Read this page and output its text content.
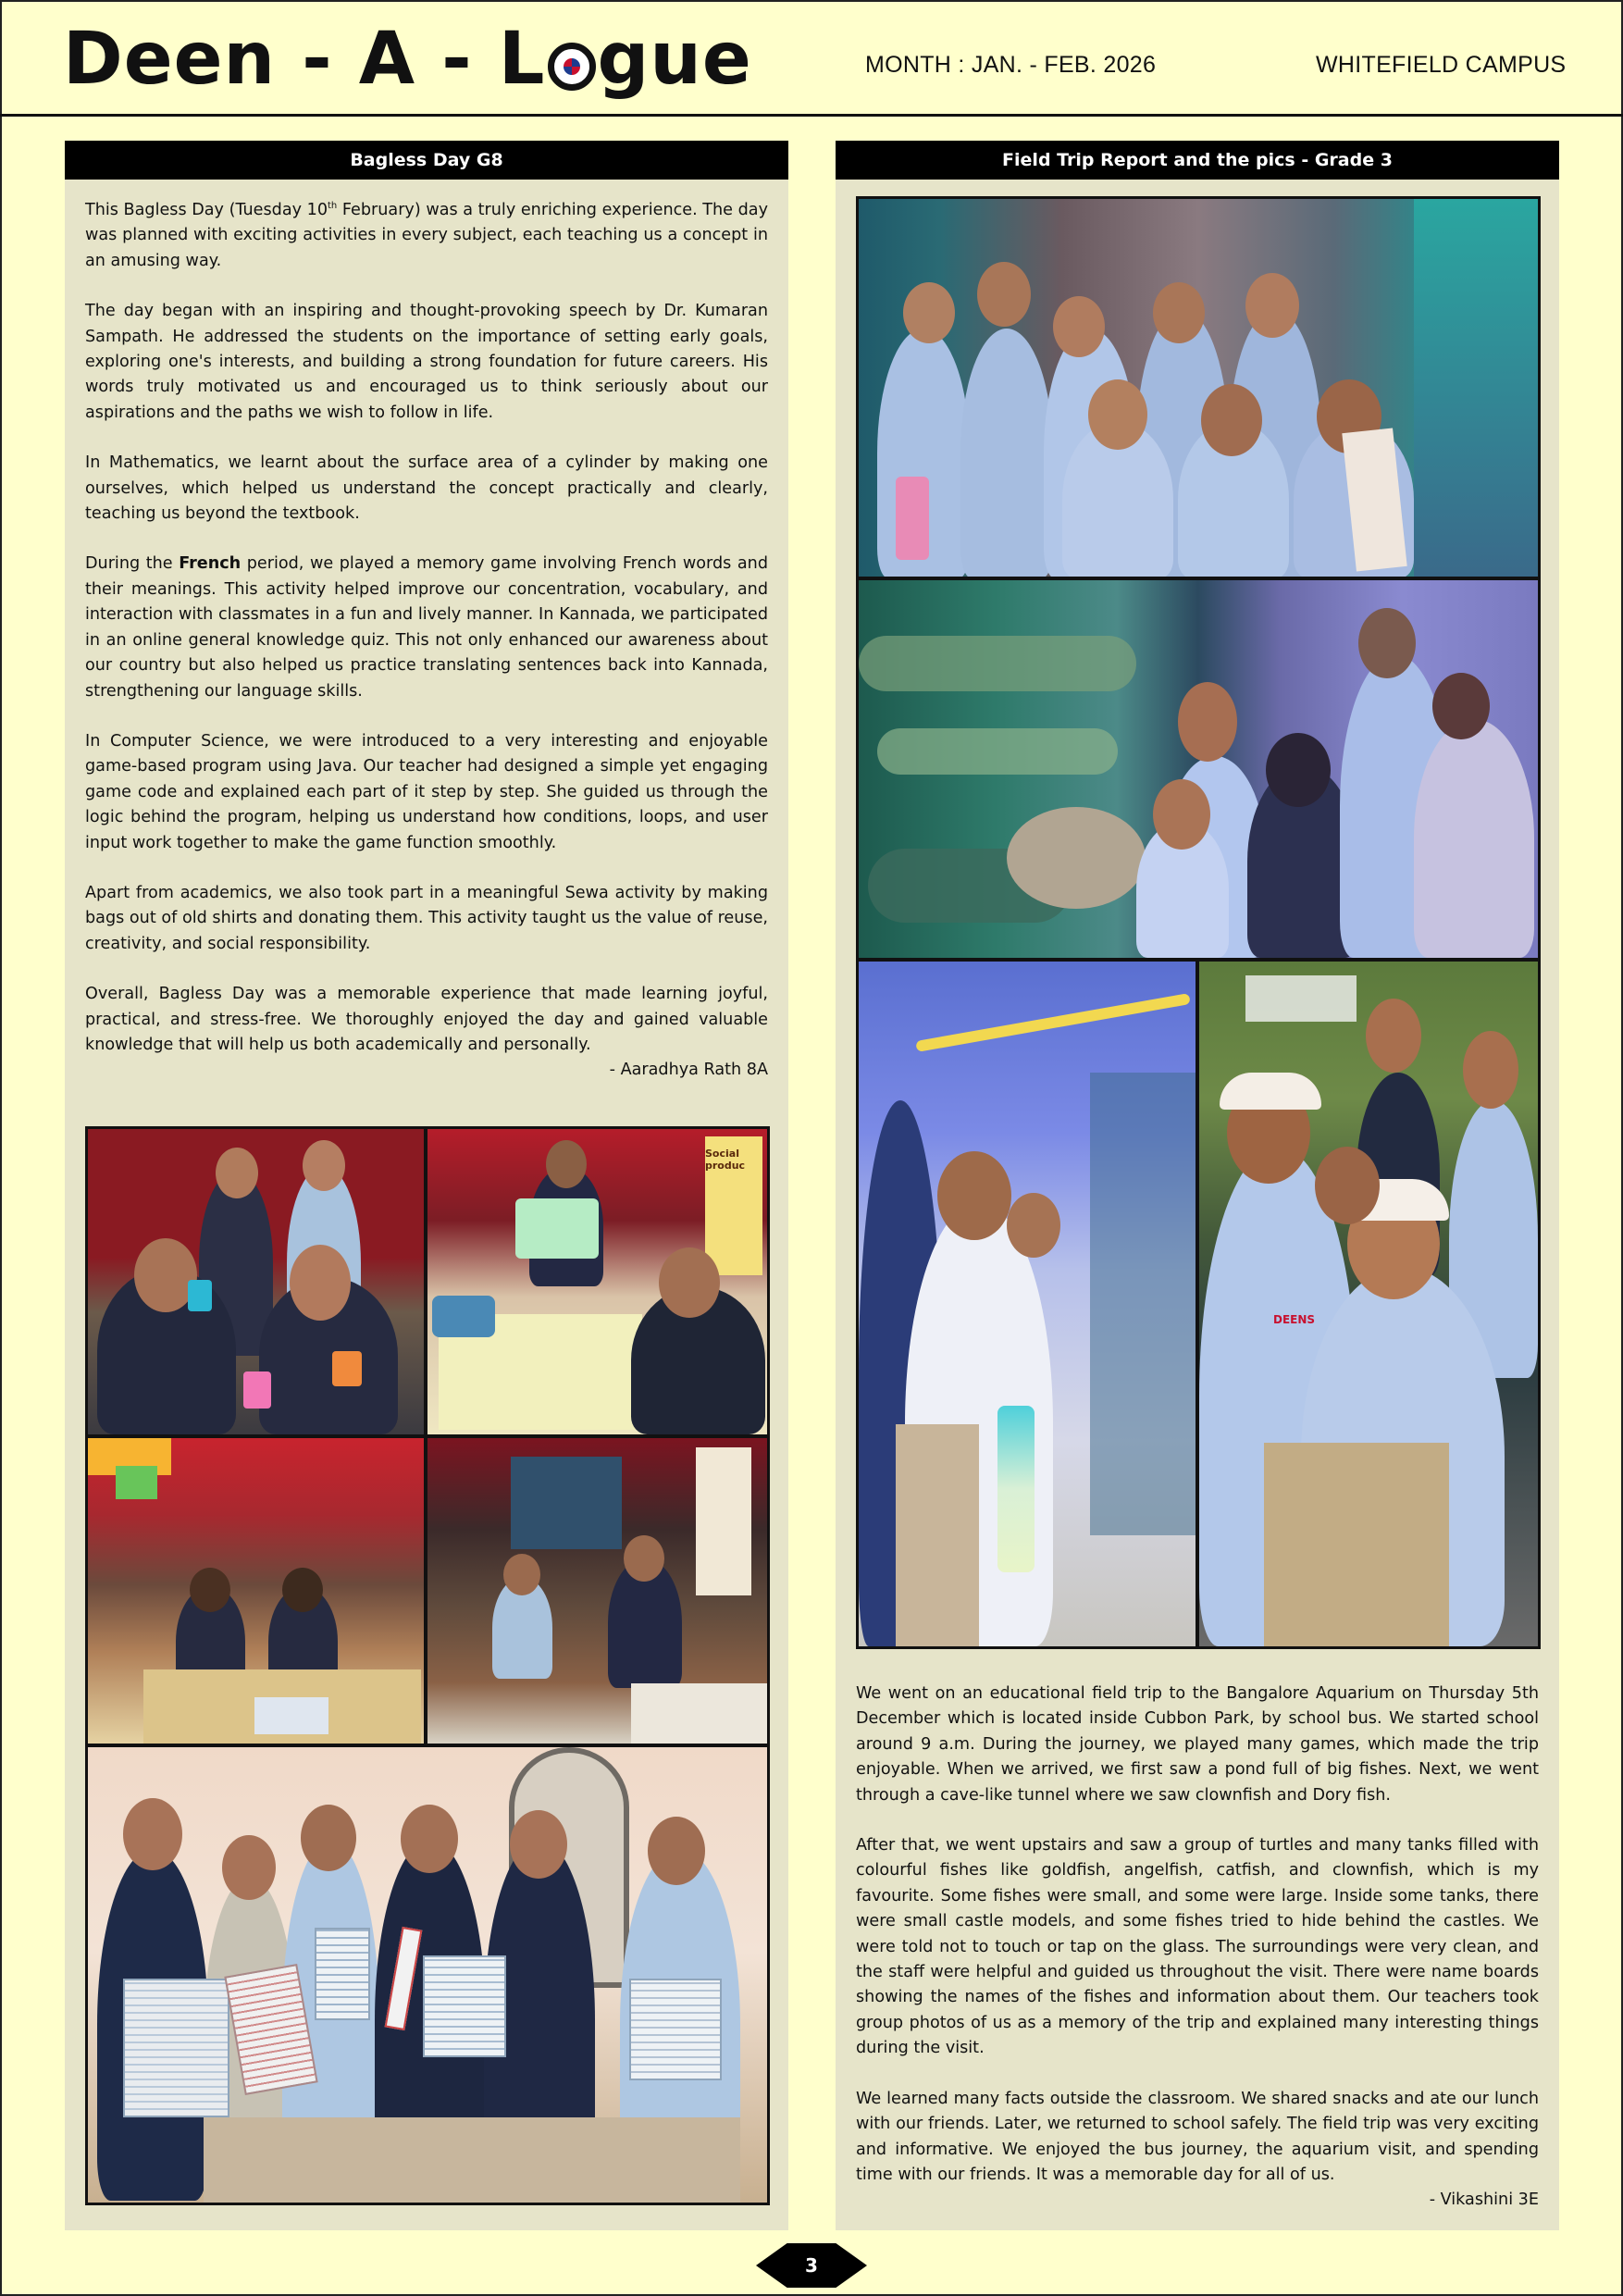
Deen - A - L gue	MONTH : JAN. - FEB. 2026	WHITEFIELD CAMPUS
Bagless Day G8

This Bagless Day (Tuesday 10th February) was a truly enriching experience. The day was planned with exciting activities in every subject, each teaching us a concept in an amusing way.

The day began with an inspiring and thought-provoking speech by Dr. Kumaran Sampath. He addressed the students on the importance of setting early goals, exploring one's interests, and building a strong foundation for future careers. His words truly motivated us and encouraged us to think seriously about our aspirations and the paths we wish to follow in life.

In Mathematics, we learnt about the surface area of a cylinder by making one ourselves, which helped us understand the concept practically and clearly, teaching us beyond the textbook.

During the French period, we played a memory game involving French words and their meanings. This activity helped improve our concentration, vocabulary, and interaction with classmates in a fun and lively manner. In Kannada, we participated in an online general knowledge quiz. This not only enhanced our awareness about our country but also helped us practice translating sentences back into Kannada, strengthening our language skills.

In Computer Science, we were introduced to a very interesting and enjoyable game-based program using Java. Our teacher had designed a simple yet engaging game code and explained each part of it step by step. She guided us through the logic behind the program, helping us understand how conditions, loops, and user input work together to make the game function smoothly.

Apart from academics, we also took part in a meaningful Sewa activity by making bags out of old shirts and donating them. This activity taught us the value of reuse, creativity, and social responsibility.

Overall, Bagless Day was a memorable experience that made learning joyful, practical, and stress-free. We thoroughly enjoyed the day and gained valuable knowledge that will help us both academically and personally.

- Aaradhya Rath 8A
Social produc
Field Trip Report and the pics - Grade 3
DEENS

We went on an educational field trip to the Bangalore Aquarium on Thursday 5th December which is located inside Cubbon Park, by school bus. We started school around 9 a.m. During the journey, we played many games, which made the trip enjoyable. When we arrived, we first saw a pond full of big fishes. Next, we went through a cave-like tunnel where we saw clownfish and Dory fish.

After that, we went upstairs and saw a group of turtles and many tanks filled with colourful fishes like goldfish, angelfish, catfish, and clownfish, which is my favourite. Some fishes were small, and some were large. Inside some tanks, there were small castle models, and some fishes tried to hide behind the castles. We were told not to touch or tap on the glass. The surroundings were very clean, and the staff were helpful and guided us throughout the visit. There were name boards showing the names of the fishes and information about them. Our teachers took group photos of us as a memory of the trip and explained many interesting things during the visit.

We learned many facts outside the classroom. We shared snacks and ate our lunch with our friends. Later, we returned to school safely. The field trip was very exciting and informative. We enjoyed the bus journey, the aquarium visit, and spending time with our friends. It was a memorable day for all of us.

- Vikashini 3E
3
